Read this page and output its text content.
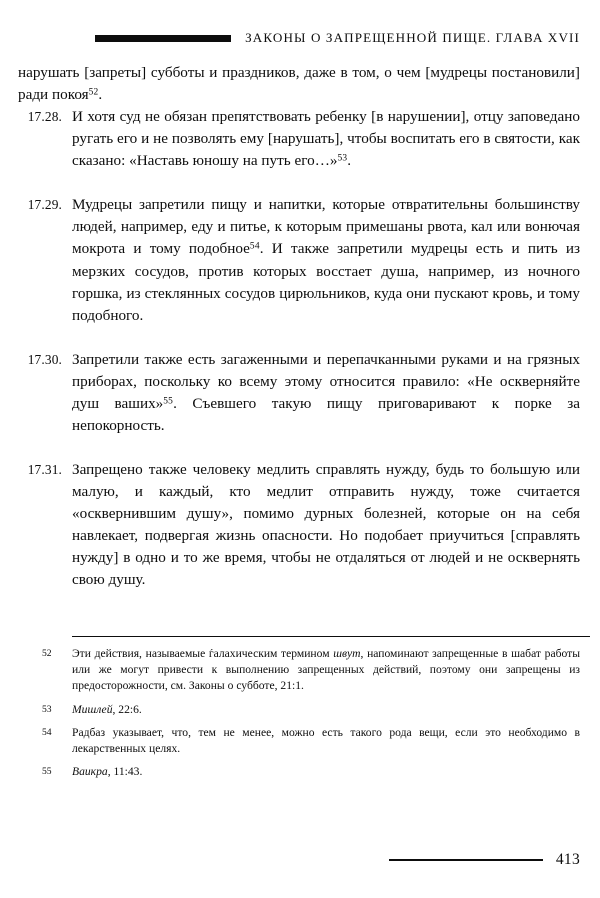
ЗАКОНЫ О ЗАПРЕЩЕННОЙ ПИЩЕ. ГЛАВА XVII

нарушать [запреты] субботы и праздников, даже в том, о чем [мудрецы постановили] ради покоя$^{52}$.

17.28. И хотя суд не обязан препятствовать ребенку [в нарушении], отцу заповедано ругать его и не позволять ему [нарушать], чтобы воспитать его в святости, как сказано: «Наставь юношу на путь его…»$^{53}$.

17.29. Мудрецы запретили пищу и напитки, которые отвратительны большинству людей, например, еду и питье, к которым примешаны рвота, кал или вонючая мокрота и тому подобное$^{54}$. И также запретили мудрецы есть и пить из мерзких сосудов, против которых восстает душа, например, из ночного горшка, из стеклянных сосудов цирюльников, куда они пускают кровь, и тому подобного.

17.30. Запретили также есть загаженными и перепачканными руками и на грязных приборах, поскольку ко всему этому относится правило: «Не оскверняйте душ ваших»$^{55}$. Съевшего такую пищу приговаривают к порке за непокорность.

17.31. Запрещено также человеку медлить справлять нужду, будь то большую или малую, и каждый, кто медлит отправить нужду, тоже считается «осквернившим душу», помимо дурных болезней, которые он на себя навлекает, подвергая жизнь опасности. Но подобает приучиться [справлять нужду] в одно и то же время, чтобы не отдаляться от людей и не осквернять свою душу.

52	Эти действия, называемые ѓалахическим термином швут, напоминают запрещенные в шабат работы или же могут привести к выполнению запрещенных действий, поэтому они запрещены из предосторожности, см. Законы о субботе, 21:1.
53	Мишлей, 22:6.
54	Радбаз указывает, что, тем не менее, можно есть такого рода вещи, если это необходимо в лекарственных целях.
55	Ваикра, 11:43.
413
